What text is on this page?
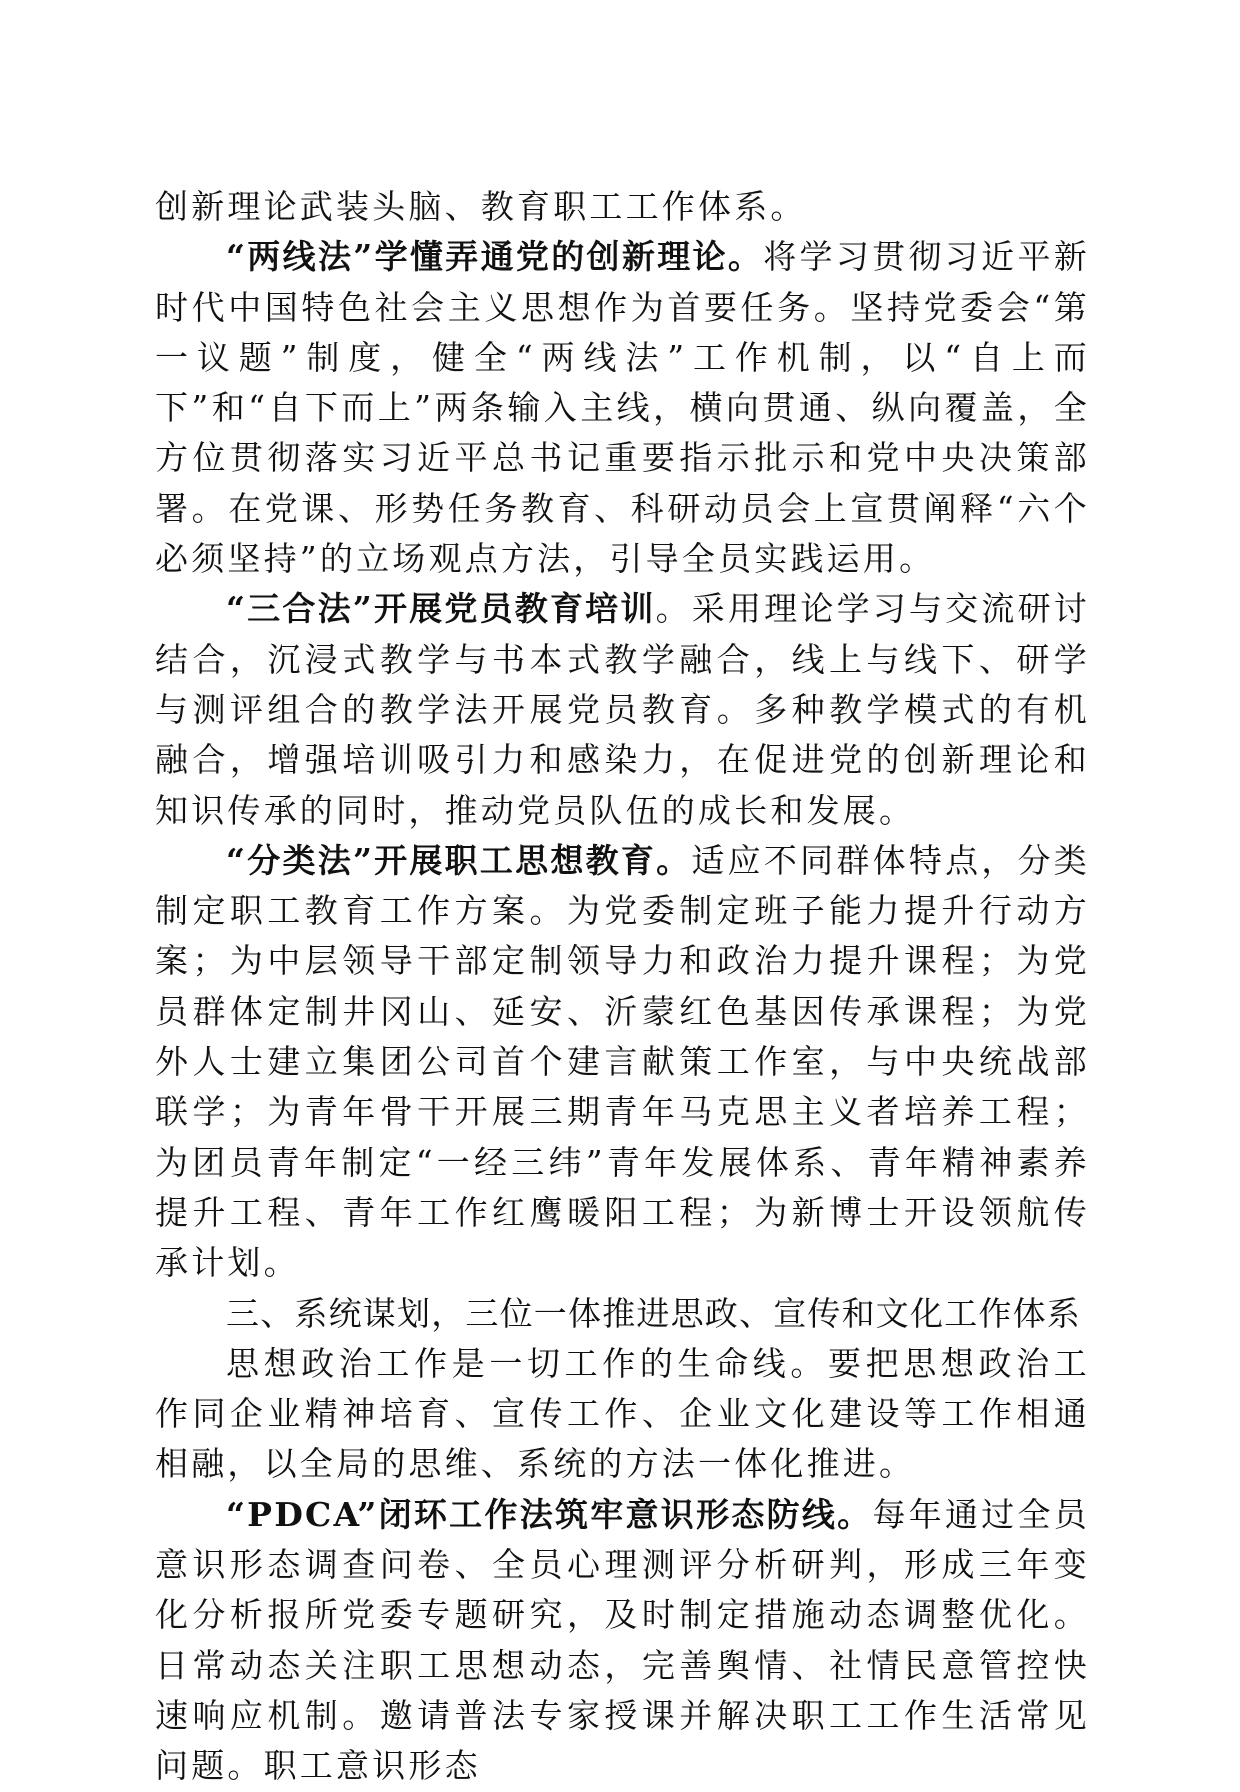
创新理论武装头脑、教育职工工作体系。

“两线法”学懂弄通党的创新理论。将学习贯彻习近平新时代中国特色社会主义思想作为首要任务。坚持党委会“第一议题”制度，健全“两线法”工作机制，以“自上而下”和“自下而上”两条输入主线，横向贯通、纵向覆盖，全方位贯彻落实习近平总书记重要指示批示和党中央决策部署。在党课、形势任务教育、科研动员会上宣贯阐释“六个必须坚持”的立场观点方法，引导全员实践运用。

“三合法”开展党员教育培训。采用理论学习与交流研讨结合，沉浸式教学与书本式教学融合，线上与线下、研学与测评组合的教学法开展党员教育。多种教学模式的有机融合，增强培训吸引力和感染力，在促进党的创新理论和知识传承的同时，推动党员队伍的成长和发展。

“分类法”开展职工思想教育。适应不同群体特点，分类制定职工教育工作方案。为党委制定班子能力提升行动方案；为中层领导干部定制领导力和政治力提升课程；为党员群体定制井冈山、延安、沂蒙红色基因传承课程；为党外人士建立集团公司首个建言献策工作室，与中央统战部联学；为青年骨干开展三期青年马克思主义者培养工程；为团员青年制定“一经三纬”青年发展体系、青年精神素养提升工程、青年工作红鹰暖阳工程；为新博士开设领航传承计划。

三、系统谋划，三位一体推进思政、宣传和文化工作体系

思想政治工作是一切工作的生命线。要把思想政治工作同企业精神培育、宣传工作、企业文化建设等工作相通相融，以全局的思维、系统的方法一体化推进。

“PDCA”闭环工作法筑牢意识形态防线。每年通过全员意识形态调查问卷、全员心理测评分析研判，形成三年变化分析报所党委专题研究，及时制定措施动态调整优化。日常动态关注职工思想动态，完善舆情、社情民意管控快速响应机制。邀请普法专家授课并解决职工工作生活常见问题。职工意识形态
